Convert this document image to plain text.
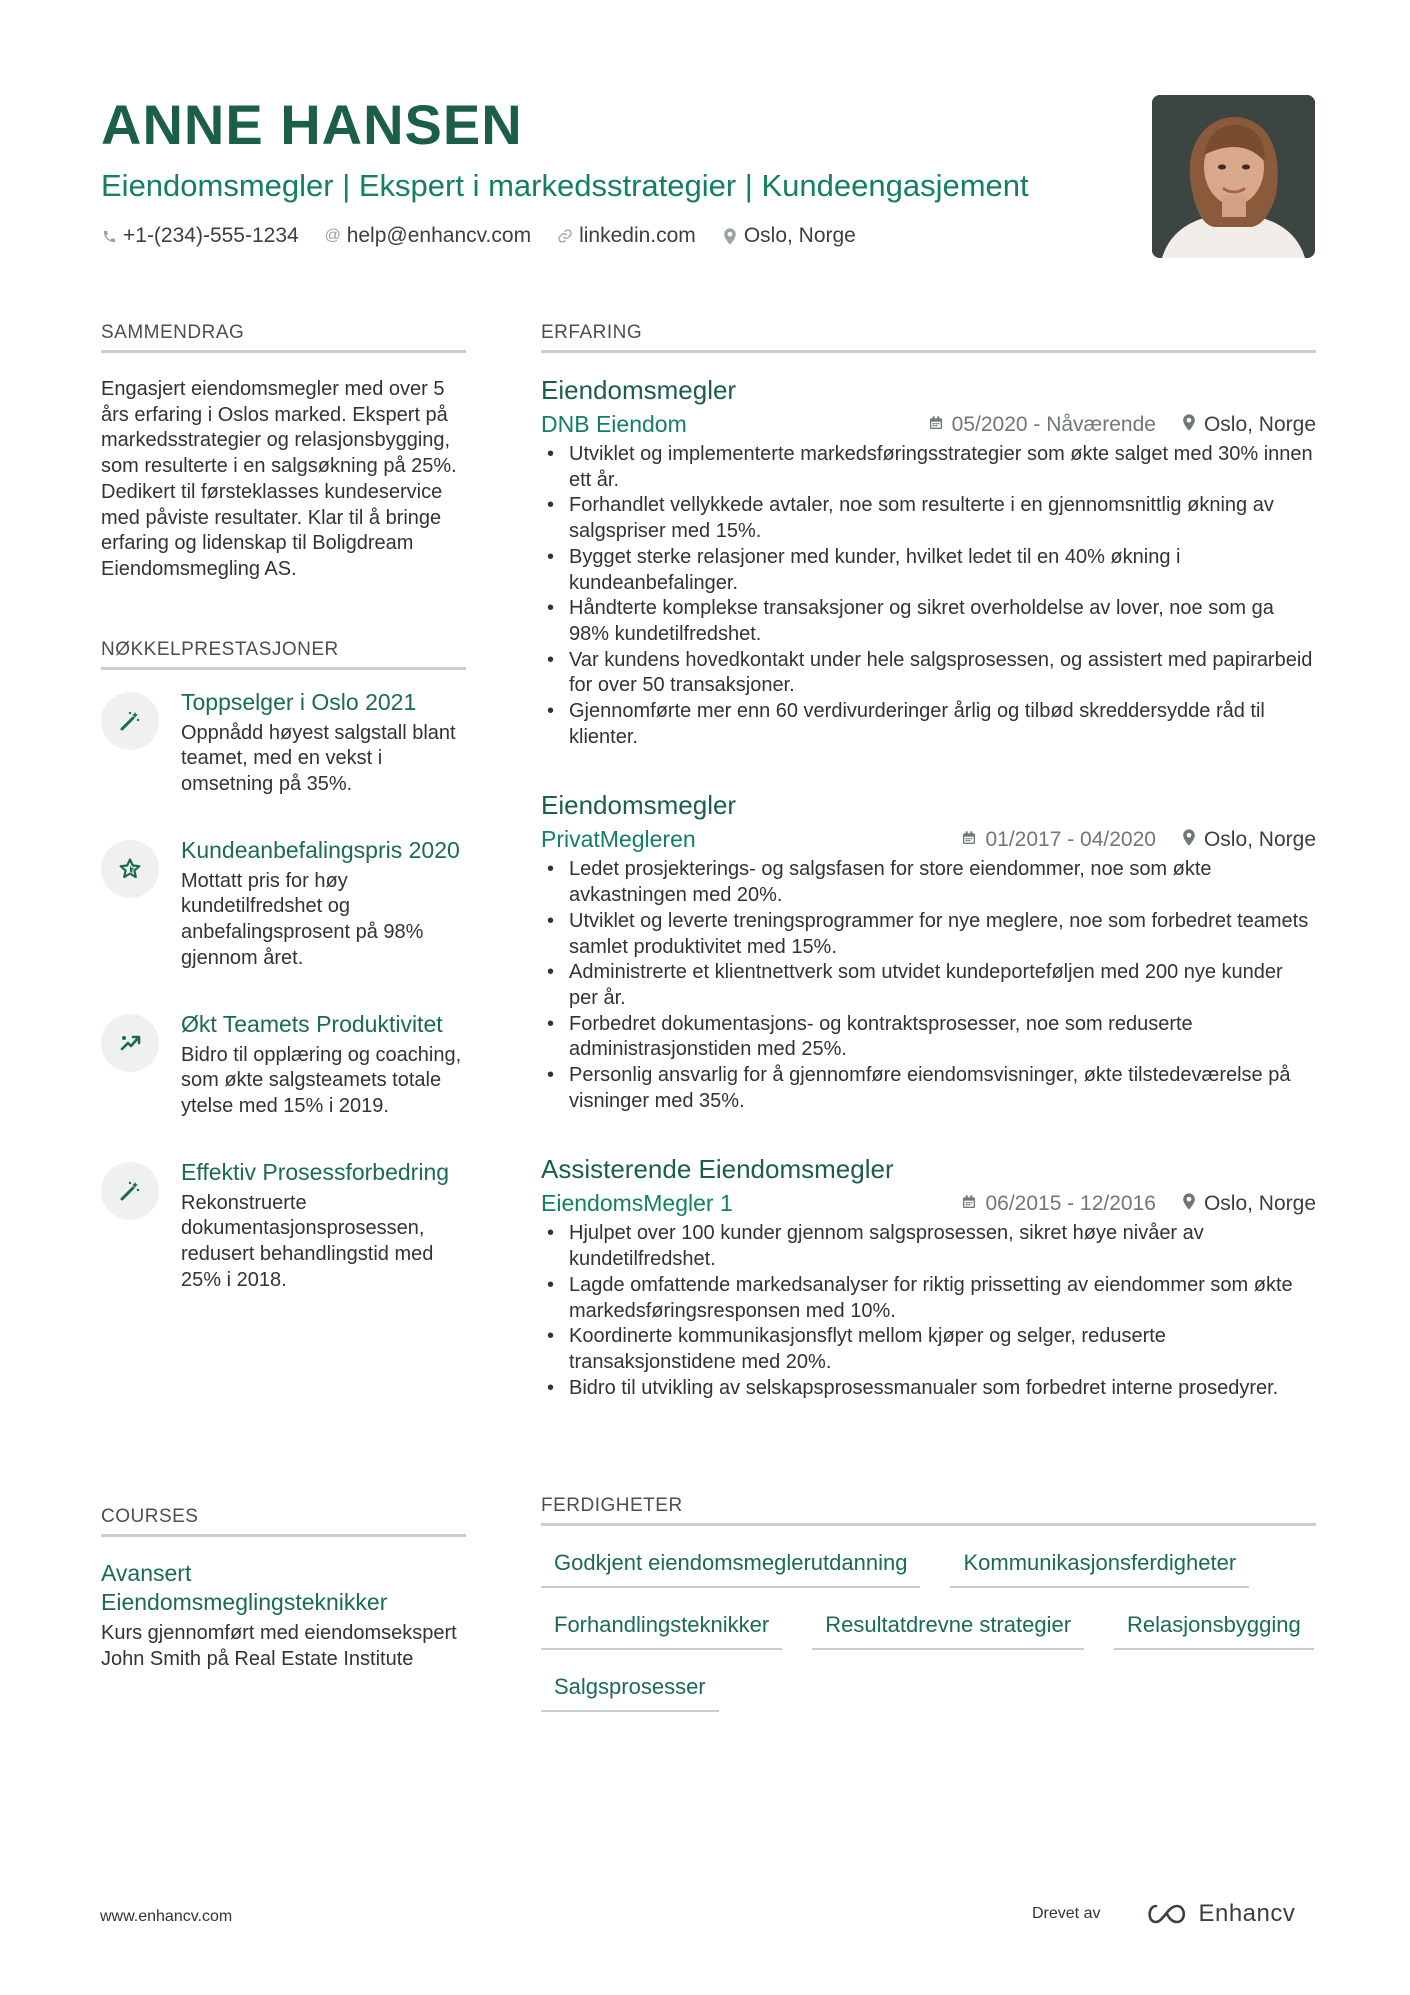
ANNE HANSEN
Eiendomsmegler | Ekspert i markedsstrategier | Kundeengasjement
+1-(234)-555-1234 @ help@enhancv.com linkedin.com Oslo, Norge
SAMMENDRAG
Engasjert eiendomsmegler med over 5 års erfaring i Oslos marked. Ekspert på markedsstrategier og relasjonsbygging, som resulterte i en salgsøkning på 25%. Dedikert til førsteklasses kundeservice med påviste resultater. Klar til å bringe erfaring og lidenskap til Boligdream Eiendomsmegling AS.
NØKKELPRESTASJONER
Toppselger i Oslo 2021
Oppnådd høyest salgstall blant teamet, med en vekst i omsetning på 35%.
Kundeanbefalingspris 2020
Mottatt pris for høy kundetilfredshet og anbefalingsprosent på 98% gjennom året.
Økt Teamets Produktivitet
Bidro til opplæring og coaching, som økte salgsteamets totale ytelse med 15% i 2019.
Effektiv Prosessforbedring
Rekonstruerte dokumentasjonsprosessen, redusert behandlingstid med 25% i 2018.
COURSES
Avansert Eiendomsmeglingsteknikker
Kurs gjennomført med eiendomsekspert John Smith på Real Estate Institute
ERFARING
Eiendomsmegler
DNB Eiendom	05/2020 - Nåværende Oslo, Norge
• Utviklet og implementerte markedsføringsstrategier som økte salget med 30% innen ett år.
• Forhandlet vellykkede avtaler, noe som resulterte i en gjennomsnittlig økning av salgspriser med 15%.
• Bygget sterke relasjoner med kunder, hvilket ledet til en 40% økning i kundeanbefalinger.
• Håndterte komplekse transaksjoner og sikret overholdelse av lover, noe som ga 98% kundetilfredshet.
• Var kundens hovedkontakt under hele salgsprosessen, og assistert med papirarbeid for over 50 transaksjoner.
• Gjennomførte mer enn 60 verdivurderinger årlig og tilbød skreddersydde råd til klienter.
Eiendomsmegler
PrivatMegleren	01/2017 - 04/2020 Oslo, Norge
• Ledet prosjekterings- og salgsfasen for store eiendommer, noe som økte avkastningen med 20%.
• Utviklet og leverte treningsprogrammer for nye meglere, noe som forbedret teamets samlet produktivitet med 15%.
• Administrerte et klientnettverk som utvidet kundeporteføljen med 200 nye kunder per år.
• Forbedret dokumentasjons- og kontraktsprosesser, noe som reduserte administrasjonstiden med 25%.
• Personlig ansvarlig for å gjennomføre eiendomsvisninger, økte tilstedeværelse på visninger med 35%.
Assisterende Eiendomsmegler
EiendomsMegler 1	06/2015 - 12/2016 Oslo, Norge
• Hjulpet over 100 kunder gjennom salgsprosessen, sikret høye nivåer av kundetilfredshet.
• Lagde omfattende markedsanalyser for riktig prissetting av eiendommer som økte markedsføringsresponsen med 10%.
• Koordinerte kommunikasjonsflyt mellom kjøper og selger, reduserte transaksjonstidene med 20%.
• Bidro til utvikling av selskapsprosessmanualer som forbedret interne prosedyrer.
FERDIGHETER
Godkjent eiendomsmeglerutdanning	Kommunikasjonsferdigheter
Forhandlingsteknikker	Resultatdrevne strategier	Relasjonsbygging
Salgsprosesser
www.enhancv.com	Drevet av	Enhancv
